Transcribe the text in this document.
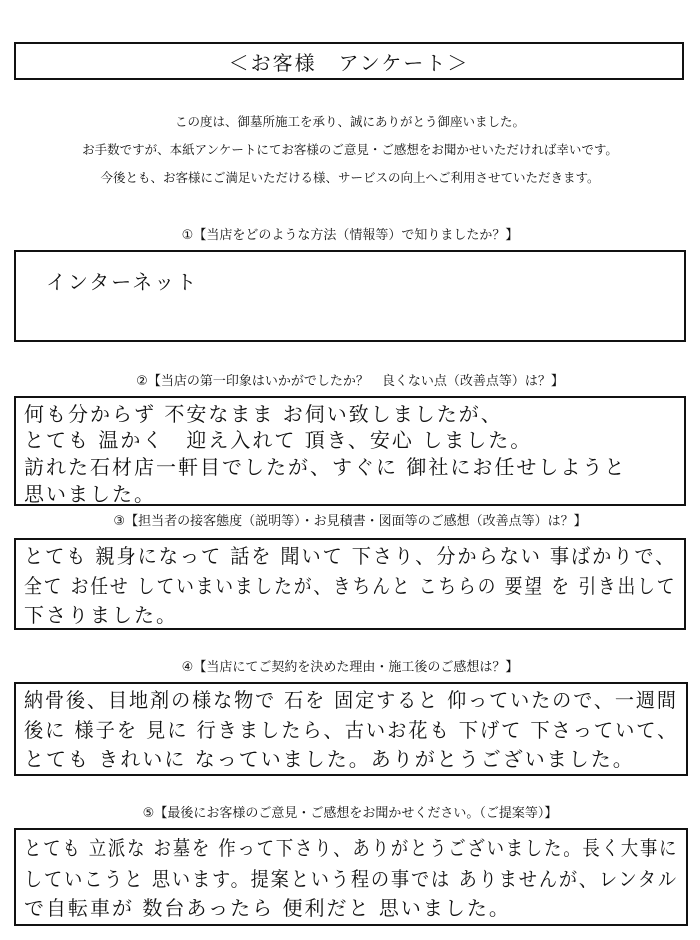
＜お客様　アンケート＞
この度は、御墓所施工を承り、誠にありがとう御座いました。
お手数ですが、本紙アンケートにてお客様のご意見・ご感想をお聞かせいただければ幸いです。
今後とも、お客様にご満足いただける様、サービスの向上へご利用させていただきます。
①【当店をどのような方法（情報等）で知りましたか？】
インターネット
②【当店の第一印象はいかがでしたか？　良くない点（改善点等）は？】
何も分からず 不安なまま お伺い致しましたが、
とても 温かく　迎え入れて 頂き、安心 しました。
訪れた石材店一軒目でしたが、すぐに 御社にお任せしようと
思いました。
③【担当者の接客態度（説明等）・お見積書・図面等のご感想（改善点等）は？】
とても 親身になって 話を 聞いて 下さり、分からない 事ばかりで、
全て お任せ していまいましたが、きちんと こちらの 要望 を 引き出して
下さりました。
④【当店にてご契約を決めた理由・施工後のご感想は？】
納骨後、目地剤の様な物で 石を 固定すると 仰っていたので、一週間
後に 様子を 見に 行きましたら、古いお花も 下げて 下さっていて、
とても きれいに なっていました。ありがとうございました。
⑤【最後にお客様のご意見・ご感想をお聞かせください。（ご提案等）】
とても 立派な お墓を 作って下さり、ありがとうございました。長く大事に
していこうと 思います。提案という程の事では ありませんが、レンタル
で自転車が 数台あったら 便利だと 思いました。
